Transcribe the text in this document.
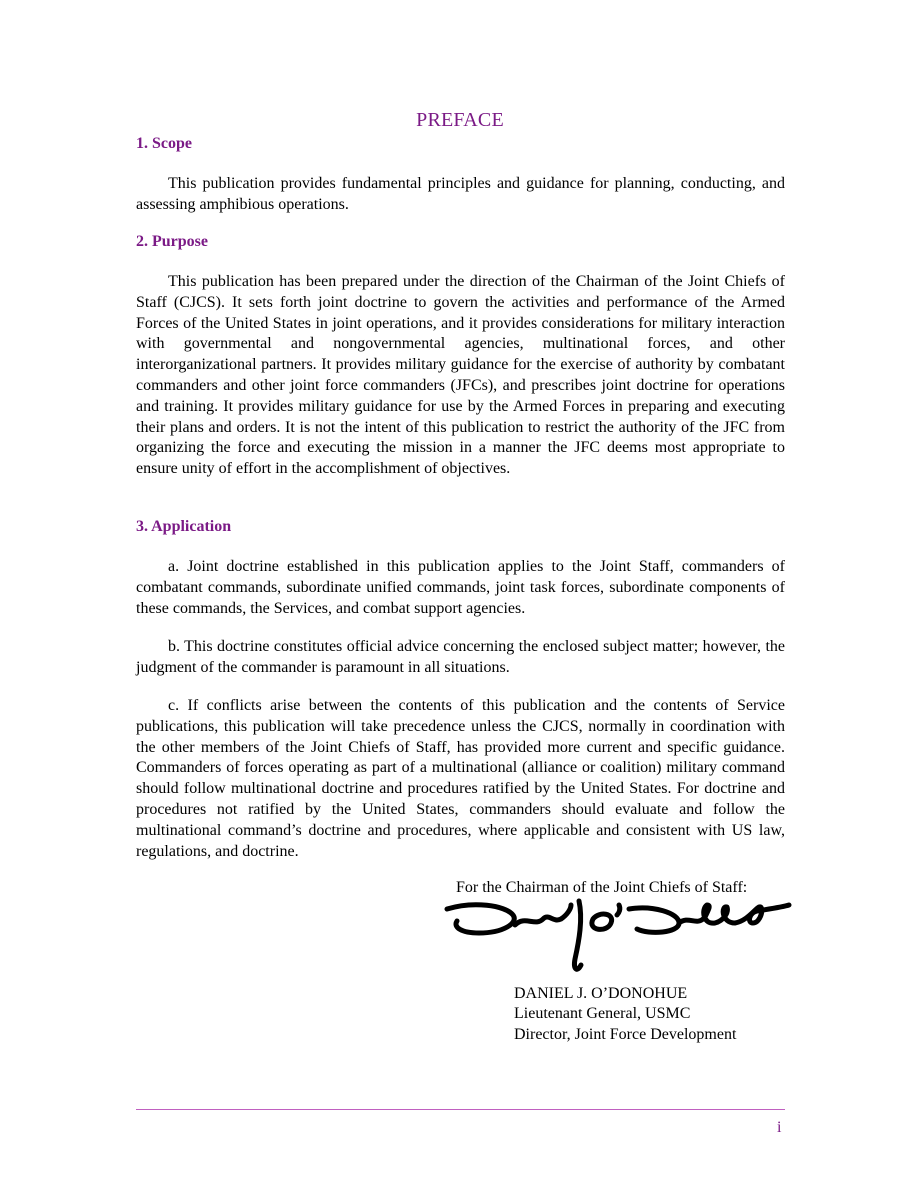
PREFACE
1. Scope

This publication provides fundamental principles and guidance for planning, conducting, and assessing amphibious operations.

2. Purpose

This publication has been prepared under the direction of the Chairman of the Joint Chiefs of Staff (CJCS). It sets forth joint doctrine to govern the activities and performance of the Armed Forces of the United States in joint operations, and it provides considerations for military interaction with governmental and nongovernmental agencies, multinational forces, and other interorganizational partners. It provides military guidance for the exercise of authority by combatant commanders and other joint force commanders (JFCs), and prescribes joint doctrine for operations and training. It provides military guidance for use by the Armed Forces in preparing and executing their plans and orders. It is not the intent of this publication to restrict the authority of the JFC from organizing the force and executing the mission in a manner the JFC deems most appropriate to ensure unity of effort in the accomplishment of objectives.

3. Application

a. Joint doctrine established in this publication applies to the Joint Staff, commanders of combatant commands, subordinate unified commands, joint task forces, subordinate components of these commands, the Services, and combat support agencies.

b. This doctrine constitutes official advice concerning the enclosed subject matter; however, the judgment of the commander is paramount in all situations.

c. If conflicts arise between the contents of this publication and the contents of Service publications, this publication will take precedence unless the CJCS, normally in coordination with the other members of the Joint Chiefs of Staff, has provided more current and specific guidance. Commanders of forces operating as part of a multinational (alliance or coalition) military command should follow multinational doctrine and procedures ratified by the United States. For doctrine and procedures not ratified by the United States, commanders should evaluate and follow the multinational command’s doctrine and procedures, where applicable and consistent with US law, regulations, and doctrine.

For the Chairman of the Joint Chiefs of Staff:
DANIEL J. O’DONOHUE
Lieutenant General, USMC
Director, Joint Force Development
i
